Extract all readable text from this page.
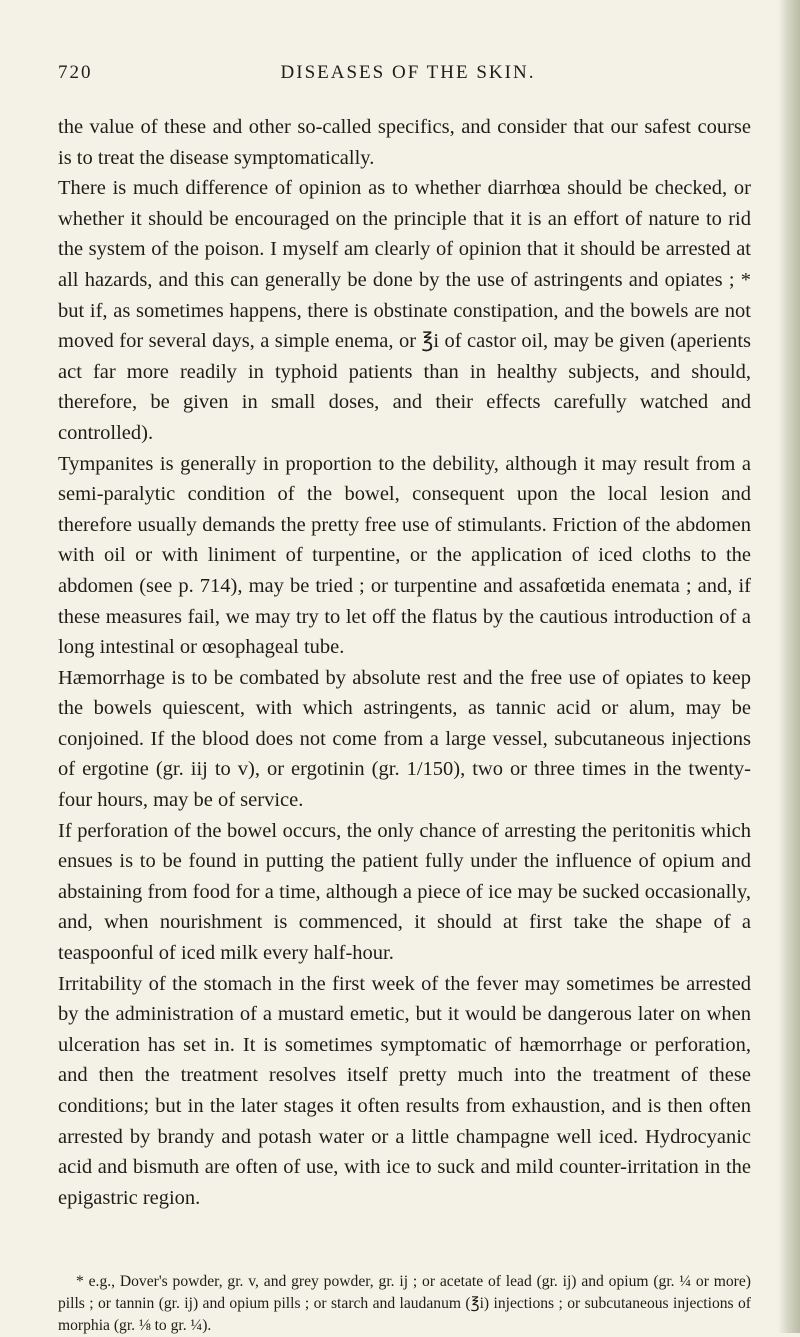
720	DISEASES OF THE SKIN.

the value of these and other so-called specifics, and consider that our safest course is to treat the disease symptomatically.

There is much difference of opinion as to whether diarrhœa should be checked, or whether it should be encouraged on the principle that it is an effort of nature to rid the system of the poison. I myself am clearly of opinion that it should be arrested at all hazards, and this can generally be done by the use of astringents and opiates ; * but if, as sometimes happens, there is obstinate constipation, and the bowels are not moved for several days, a simple enema, or ℥i of castor oil, may be given (aperients act far more readily in typhoid patients than in healthy subjects, and should, therefore, be given in small doses, and their effects carefully watched and controlled).

Tympanites is generally in proportion to the debility, although it may result from a semi-paralytic condition of the bowel, consequent upon the local lesion and therefore usually demands the pretty free use of stimulants. Friction of the abdomen with oil or with liniment of turpentine, or the application of iced cloths to the abdomen (see p. 714), may be tried ; or turpentine and assafœtida enemata ; and, if these measures fail, we may try to let off the flatus by the cautious introduction of a long intestinal or œsophageal tube.

Hæmorrhage is to be combated by absolute rest and the free use of opiates to keep the bowels quiescent, with which astringents, as tannic acid or alum, may be conjoined. If the blood does not come from a large vessel, subcutaneous injections of ergotine (gr. iij to v), or ergotinin (gr. 1/150), two or three times in the twenty-four hours, may be of service.

If perforation of the bowel occurs, the only chance of arresting the peritonitis which ensues is to be found in putting the patient fully under the influence of opium and abstaining from food for a time, although a piece of ice may be sucked occasionally, and, when nourishment is commenced, it should at first take the shape of a teaspoonful of iced milk every half-hour.

Irritability of the stomach in the first week of the fever may sometimes be arrested by the administration of a mustard emetic, but it would be dangerous later on when ulceration has set in. It is sometimes symptomatic of hæmorrhage or perforation, and then the treatment resolves itself pretty much into the treatment of these conditions; but in the later stages it often results from exhaustion, and is then often arrested by brandy and potash water or a little champagne well iced. Hydrocyanic acid and bismuth are often of use, with ice to suck and mild counter-irritation in the epigastric region.

* e.g., Dover's powder, gr. v, and grey powder, gr. ij ; or acetate of lead (gr. ij) and opium (gr. ¼ or more) pills ; or tannin (gr. ij) and opium pills ; or starch and laudanum (℥i) injections ; or subcutaneous injections of morphia (gr. ⅛ to gr. ¼).
